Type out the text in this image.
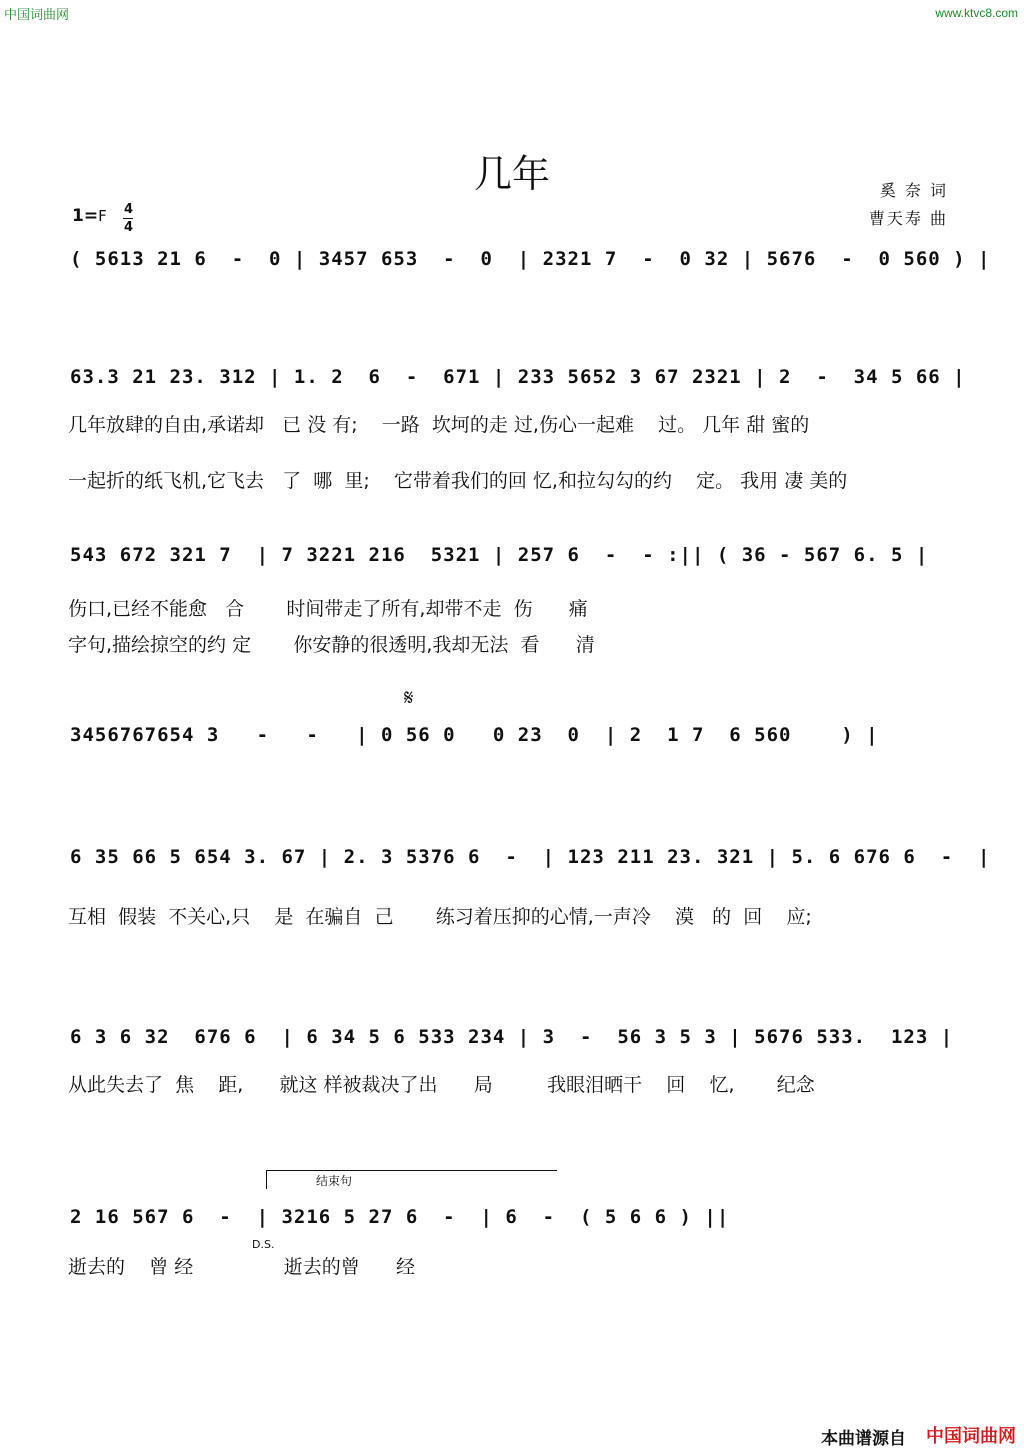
中国词曲网	www.ktvc8.com
几年	奚 奈 词
曹天寿 曲
1=F 4
4
( 5613 21 6  -  0 | 3457 653  -  0  | 2321 7  -  0 32 | 5676  -  0 560 ) |
63.3 21 23. 312 | 1. 2  6  -  671 | 233 5652 3 67 2321 | 2  -  34 5 66 |
几年放肆的自由,承诺却   已 没 有;    一路  坎坷的走 过,伤心一起难    过。 几年 甜 蜜的
一起折的纸飞机,它飞去   了  哪  里;    它带着我们的回 忆,和拉勾勾的约    定。 我用 凄 美的
543 672 321 7  | 7 3221 216  5321 | 257 6  -  - :|| ( 36 - 567 6. 5 |
伤口,已经不能愈   合       时间带走了所有,却带不走  伤      痛
字句,描绘掠空的约 定       你安静的很透明,我却无法  看      清
𝄋
3456767654 3   -   -   | 0 56 0   0 23  0  | 2  1 7  6 560    ) |
6 35 66 5 654 3. 67 | 2. 3 5376 6  -  | 123 211 23. 321 | 5. 6 676 6  -  |
互相  假装  不关心,只    是  在骗自  己       练习着压抑的心情,一声冷    漠   的  回    应;
6 3 6 32  676 6  | 6 34 5 6 533 234 | 3  -  56 3 5 3 | 5676 533.  123 |
从此失去了  焦    距,      就这 样被裁决了出      局         我眼泪晒干    回    忆,       纪念
结束句
D.S.
2 16 567 6  -  | 3216 5 27 6  -  | 6  -  ( 5 6 6 ) ||
逝去的    曾 经               逝去的曾      经
本曲谱源自 中国词曲网
